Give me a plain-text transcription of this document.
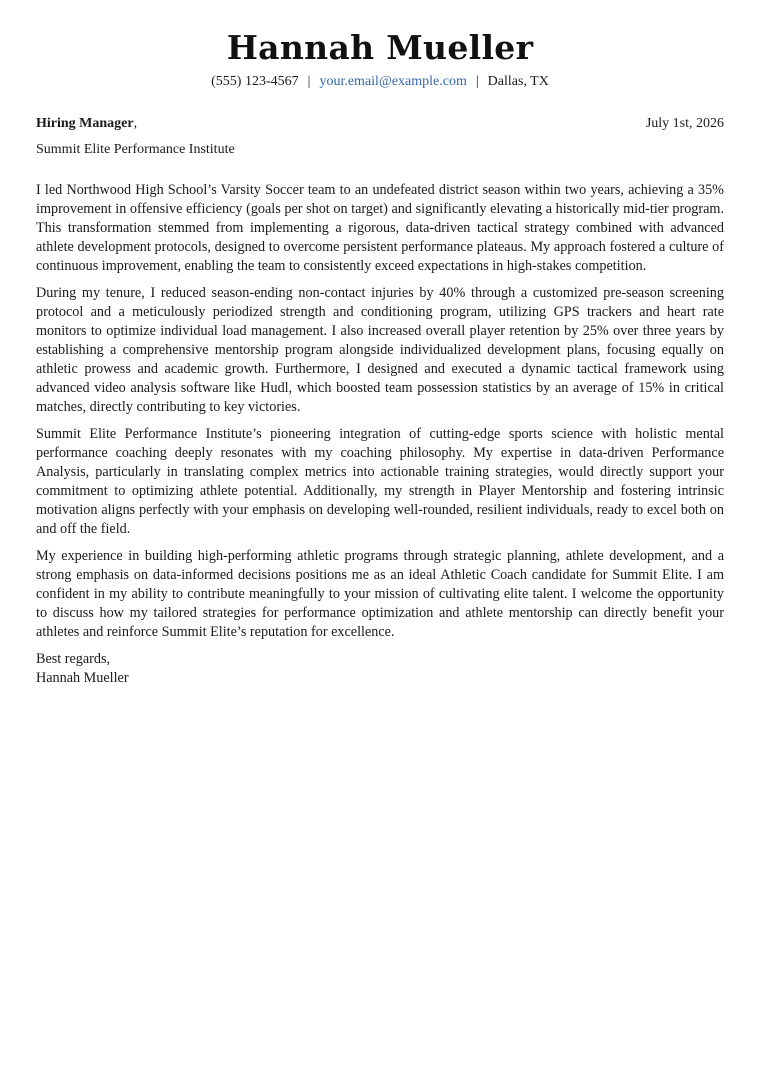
Hannah Mueller
(555) 123-4567 | your.email@example.com | Dallas, TX
Hiring Manager,	July 1st, 2026
Summit Elite Performance Institute

I led Northwood High School’s Varsity Soccer team to an undefeated district season within two years, achieving a 35% improvement in offensive efficiency (goals per shot on target) and significantly elevating a historically mid-tier program. This transformation stemmed from implementing a rigorous, data-driven tactical strategy combined with advanced athlete development protocols, designed to overcome persistent performance plateaus. My approach fostered a culture of continuous improvement, enabling the team to consistently exceed expectations in high-stakes competition.

During my tenure, I reduced season-ending non-contact injuries by 40% through a customized pre-season screening protocol and a meticulously periodized strength and conditioning program, utilizing GPS trackers and heart rate monitors to optimize individual load management. I also increased overall player retention by 25% over three years by establishing a comprehensive mentorship program alongside individualized development plans, focusing equally on athletic prowess and academic growth. Furthermore, I designed and executed a dynamic tactical framework using advanced video analysis software like Hudl, which boosted team possession statistics by an average of 15% in critical matches, directly contributing to key victories.

Summit Elite Performance Institute’s pioneering integration of cutting-edge sports science with holistic mental performance coaching deeply resonates with my coaching philosophy. My expertise in data-driven Performance Analysis, particularly in translating complex metrics into actionable training strategies, would directly support your commitment to optimizing athlete potential. Additionally, my strength in Player Mentorship and fostering intrinsic motivation aligns perfectly with your emphasis on developing well-rounded, resilient individuals, ready to excel both on and off the field.

My experience in building high-performing athletic programs through strategic planning, athlete development, and a strong emphasis on data-informed decisions positions me as an ideal Athletic Coach candidate for Summit Elite. I am confident in my ability to contribute meaningfully to your mission of cultivating elite talent. I welcome the opportunity to discuss how my tailored strategies for performance optimization and athlete mentorship can directly benefit your athletes and reinforce Summit Elite’s reputation for excellence.

Best regards,
Hannah Mueller
